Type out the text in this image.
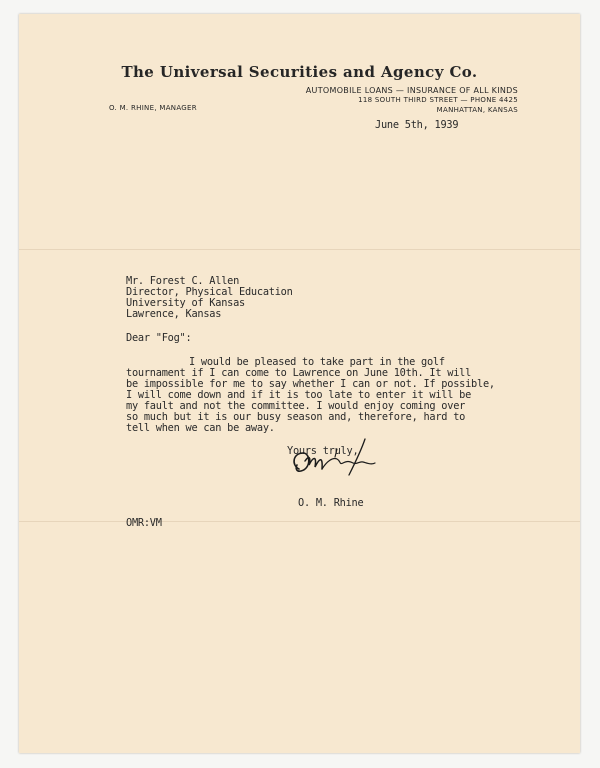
The Universal Securities and Agency Co.
AUTOMOBILE LOANS — INSURANCE OF ALL KINDS
118 SOUTH THIRD STREET — PHONE 4425
O. M. RHINE, MANAGER	MANHATTAN, KANSAS
June 5th, 1939
Mr. Forest C. Allen
Director, Physical Education
University of Kansas
Lawrence, Kansas
Dear "Fog":
I would be pleased to take part in the golf
tournament if I can come to Lawrence on June 10th. It will
be impossible for me to say whether I can or not. If possible,
I will come down and if it is too late to enter it will be
my fault and not the committee. I would enjoy coming over
so much but it is our busy season and, therefore, hard to
tell when we can be away.
Yours truly,
O. M. Rhine
OMR:VM
